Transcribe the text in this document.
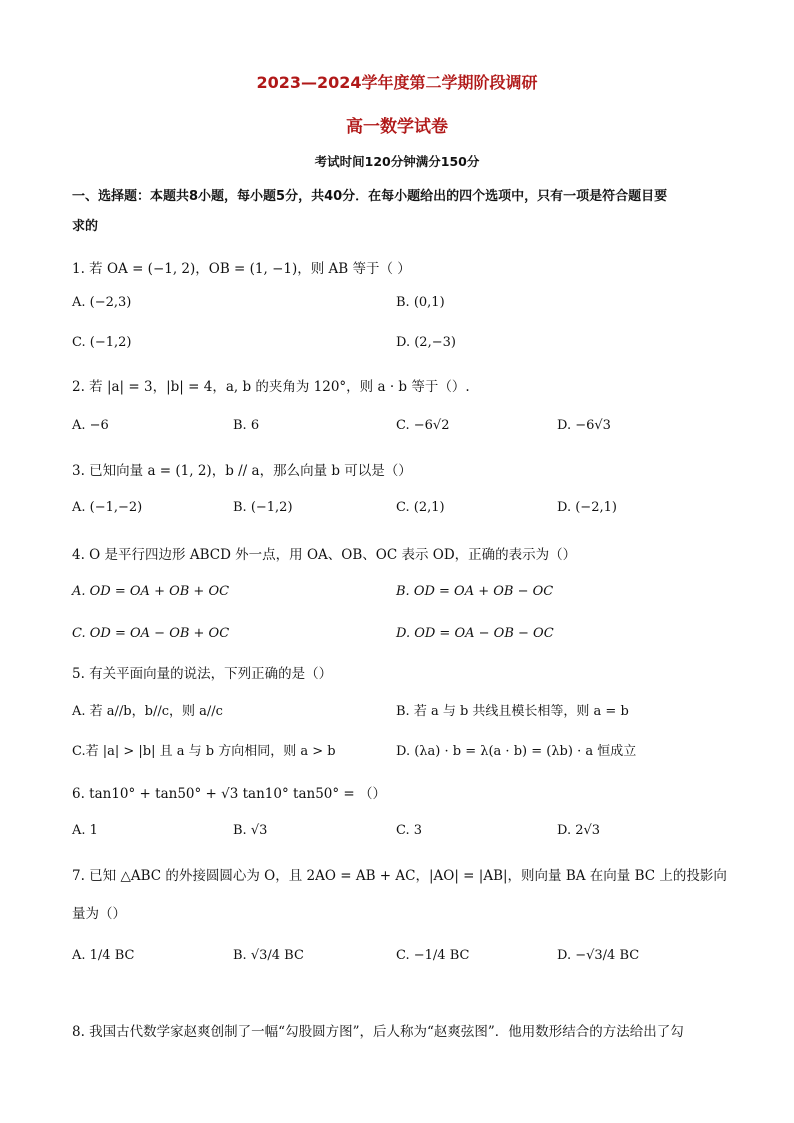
2023—2024学年度第二学期阶段调研
高一数学试卷
考试时间120分钟满分150分
一、选择题：本题共8小题，每小题5分，共40分．在每小题给出的四个选项中，只有一项是符合题目要
求的
1. 若 OA = (−1, 2)，OB = (1, −1)，则 AB 等于（ ）
A. (−2,3)	B. (0,1)
C. (−1,2)	D. (2,−3)
2. 若 |a| = 3，|b| = 4，a, b 的夹角为 120°，则 a · b 等于（）.
A. −6	B. 6	C. −6√2	D. −6√3
3. 已知向量 a = (1, 2)，b // a，那么向量 b 可以是（）
A. (−1,−2)	B. (−1,2)	C. (2,1)	D. (−2,1)
4. O 是平行四边形 ABCD 外一点，用 OA、OB、OC 表示 OD，正确的表示为（）
A. OD = OA + OB + OC	B. OD = OA + OB − OC
C. OD = OA − OB + OC	D. OD = OA − OB − OC
5. 有关平面向量的说法，下列正确的是（）
A. 若 a//b，b//c，则 a//c	B. 若 a 与 b 共线且模长相等，则 a = b
C.若 |a| > |b| 且 a 与 b 方向相同，则 a > b	D. (λa) · b = λ(a · b) = (λb) · a 恒成立
6. tan10° + tan50° + √3 tan10° tan50° = （）
A. 1	B. √3	C. 3	D. 2√3
7. 已知 △ABC 的外接圆圆心为 O，且 2AO = AB + AC，|AO| = |AB|，则向量 BA 在向量 BC 上的投影向
量为（）
A. 1/4 BC	B. √3/4 BC	C. −1/4 BC	D. −√3/4 BC
8. 我国古代数学家赵爽创制了一幅“勾股圆方图”，后人称为“赵爽弦图”．他用数形结合的方法给出了勾
